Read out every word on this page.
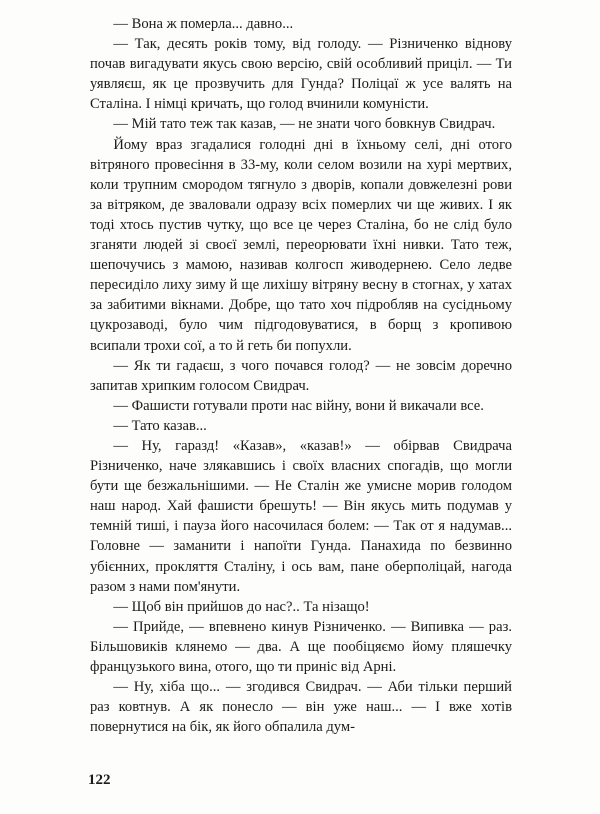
— Вона ж померла... давно...

— Так, десять років тому, від голоду. — Різниченко віднову почав вигадувати якусь свою версію, свій особливий приціл. — Ти уявляєш, як це прозвучить для Гунда? Поліцаї ж усе валять на Сталіна. І німці кричать, що голод вчинили комуністи.

— Мій тато теж так казав, — не знати чого бовкнув Свидрач.

Йому враз згадалися голодні дні в їхньому селі, дні отого вітряного провесіння в 33-му, коли селом возили на хурі мертвих, коли трупним смородом тягнуло з дворів, копали довжелезні рови за вітряком, де зваловали одразу всіх померлих чи ще живих. І як тоді хтось пустив чутку, що все це через Сталіна, бо не слід було зганяти людей зі своєї землі, переорювати їхні нивки. Тато теж, шепочучись з мамою, називав колгосп живодернею. Село ледве пересиділо лиху зиму й ще лихішу вітряну весну в стогнах, у хатах за забитими вікнами. Добре, що тато хоч підробляв на сусідньому цукрозаводі, було чим підгодовуватися, в борщ з кропивою всипали трохи сої, а то й геть би попухли.

— Як ти гадаєш, з чого почався голод? — не зовсім доречно запитав хрипким голосом Свидрач.

— Фашисти готували проти нас війну, вони й викачали все.

— Тато казав...

— Ну, гаразд! «Казав», «казав!» — обірвав Свидрача Різниченко, наче злякавшись і своїх власних спогадів, що могли бути ще безжальнішими. — Не Сталін же умисне морив голодом наш народ. Хай фашисти брешуть! — Він якусь мить подумав у темній тиші, і пауза його насочилася болем: — Так от я надумав... Головне — заманити і напоїти Гунда. Панахида по безвинно убієнних, прокляття Сталіну, і ось вам, пане оберполіцай, нагода разом з нами пом'янути.

— Щоб він прийшов до нас?.. Та нізащо!

— Прийде, — впевнено кинув Різниченко. — Випивка — раз. Більшовиків клянемо — два. А ще пообіцяємо йому пляшечку французького вина, отого, що ти приніс від Арні.

— Ну, хіба що... — згодився Свидрач. — Аби тільки перший раз ковтнув. А як понесло — він уже наш... — І вже хотів повернутися на бік, як його обпалила дум-

122
